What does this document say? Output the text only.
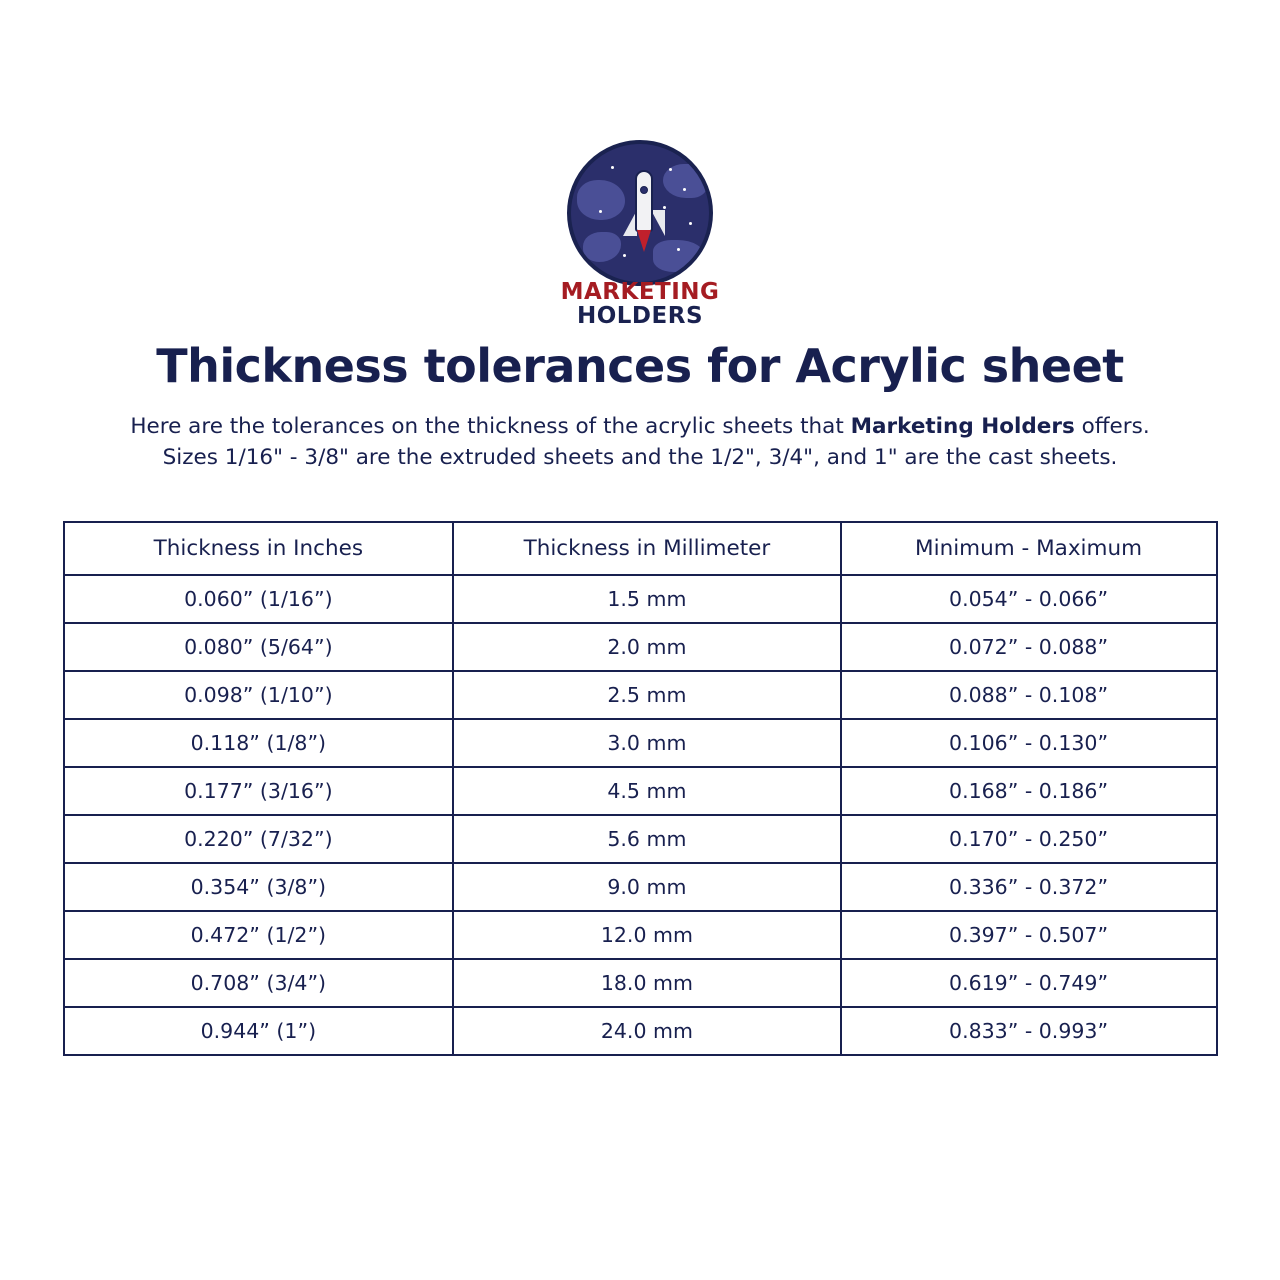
MARKETING
HOLDERS
Thickness tolerances for Acrylic sheet
Here are the tolerances on the thickness of the acrylic sheets that Marketing Holders offers.
Sizes 1/16" - 3/8" are the extruded sheets and the 1/2", 3/4", and 1" are the cast sheets.
Thickness in Inches	Thickness in Millimeter	Minimum - Maximum
0.060” (1/16”)	1.5 mm	0.054” - 0.066”
0.080” (5/64”)	2.0 mm	0.072” - 0.088”
0.098” (1/10”)	2.5 mm	0.088” - 0.108”
0.118” (1/8”)	3.0 mm	0.106” - 0.130”
0.177” (3/16”)	4.5 mm	0.168” - 0.186”
0.220” (7/32”)	5.6 mm	0.170” - 0.250”
0.354” (3/8”)	9.0 mm	0.336” - 0.372”
0.472” (1/2”)	12.0 mm	0.397” - 0.507”
0.708” (3/4”)	18.0 mm	0.619” - 0.749”
0.944” (1”)	24.0 mm	0.833” - 0.993”
